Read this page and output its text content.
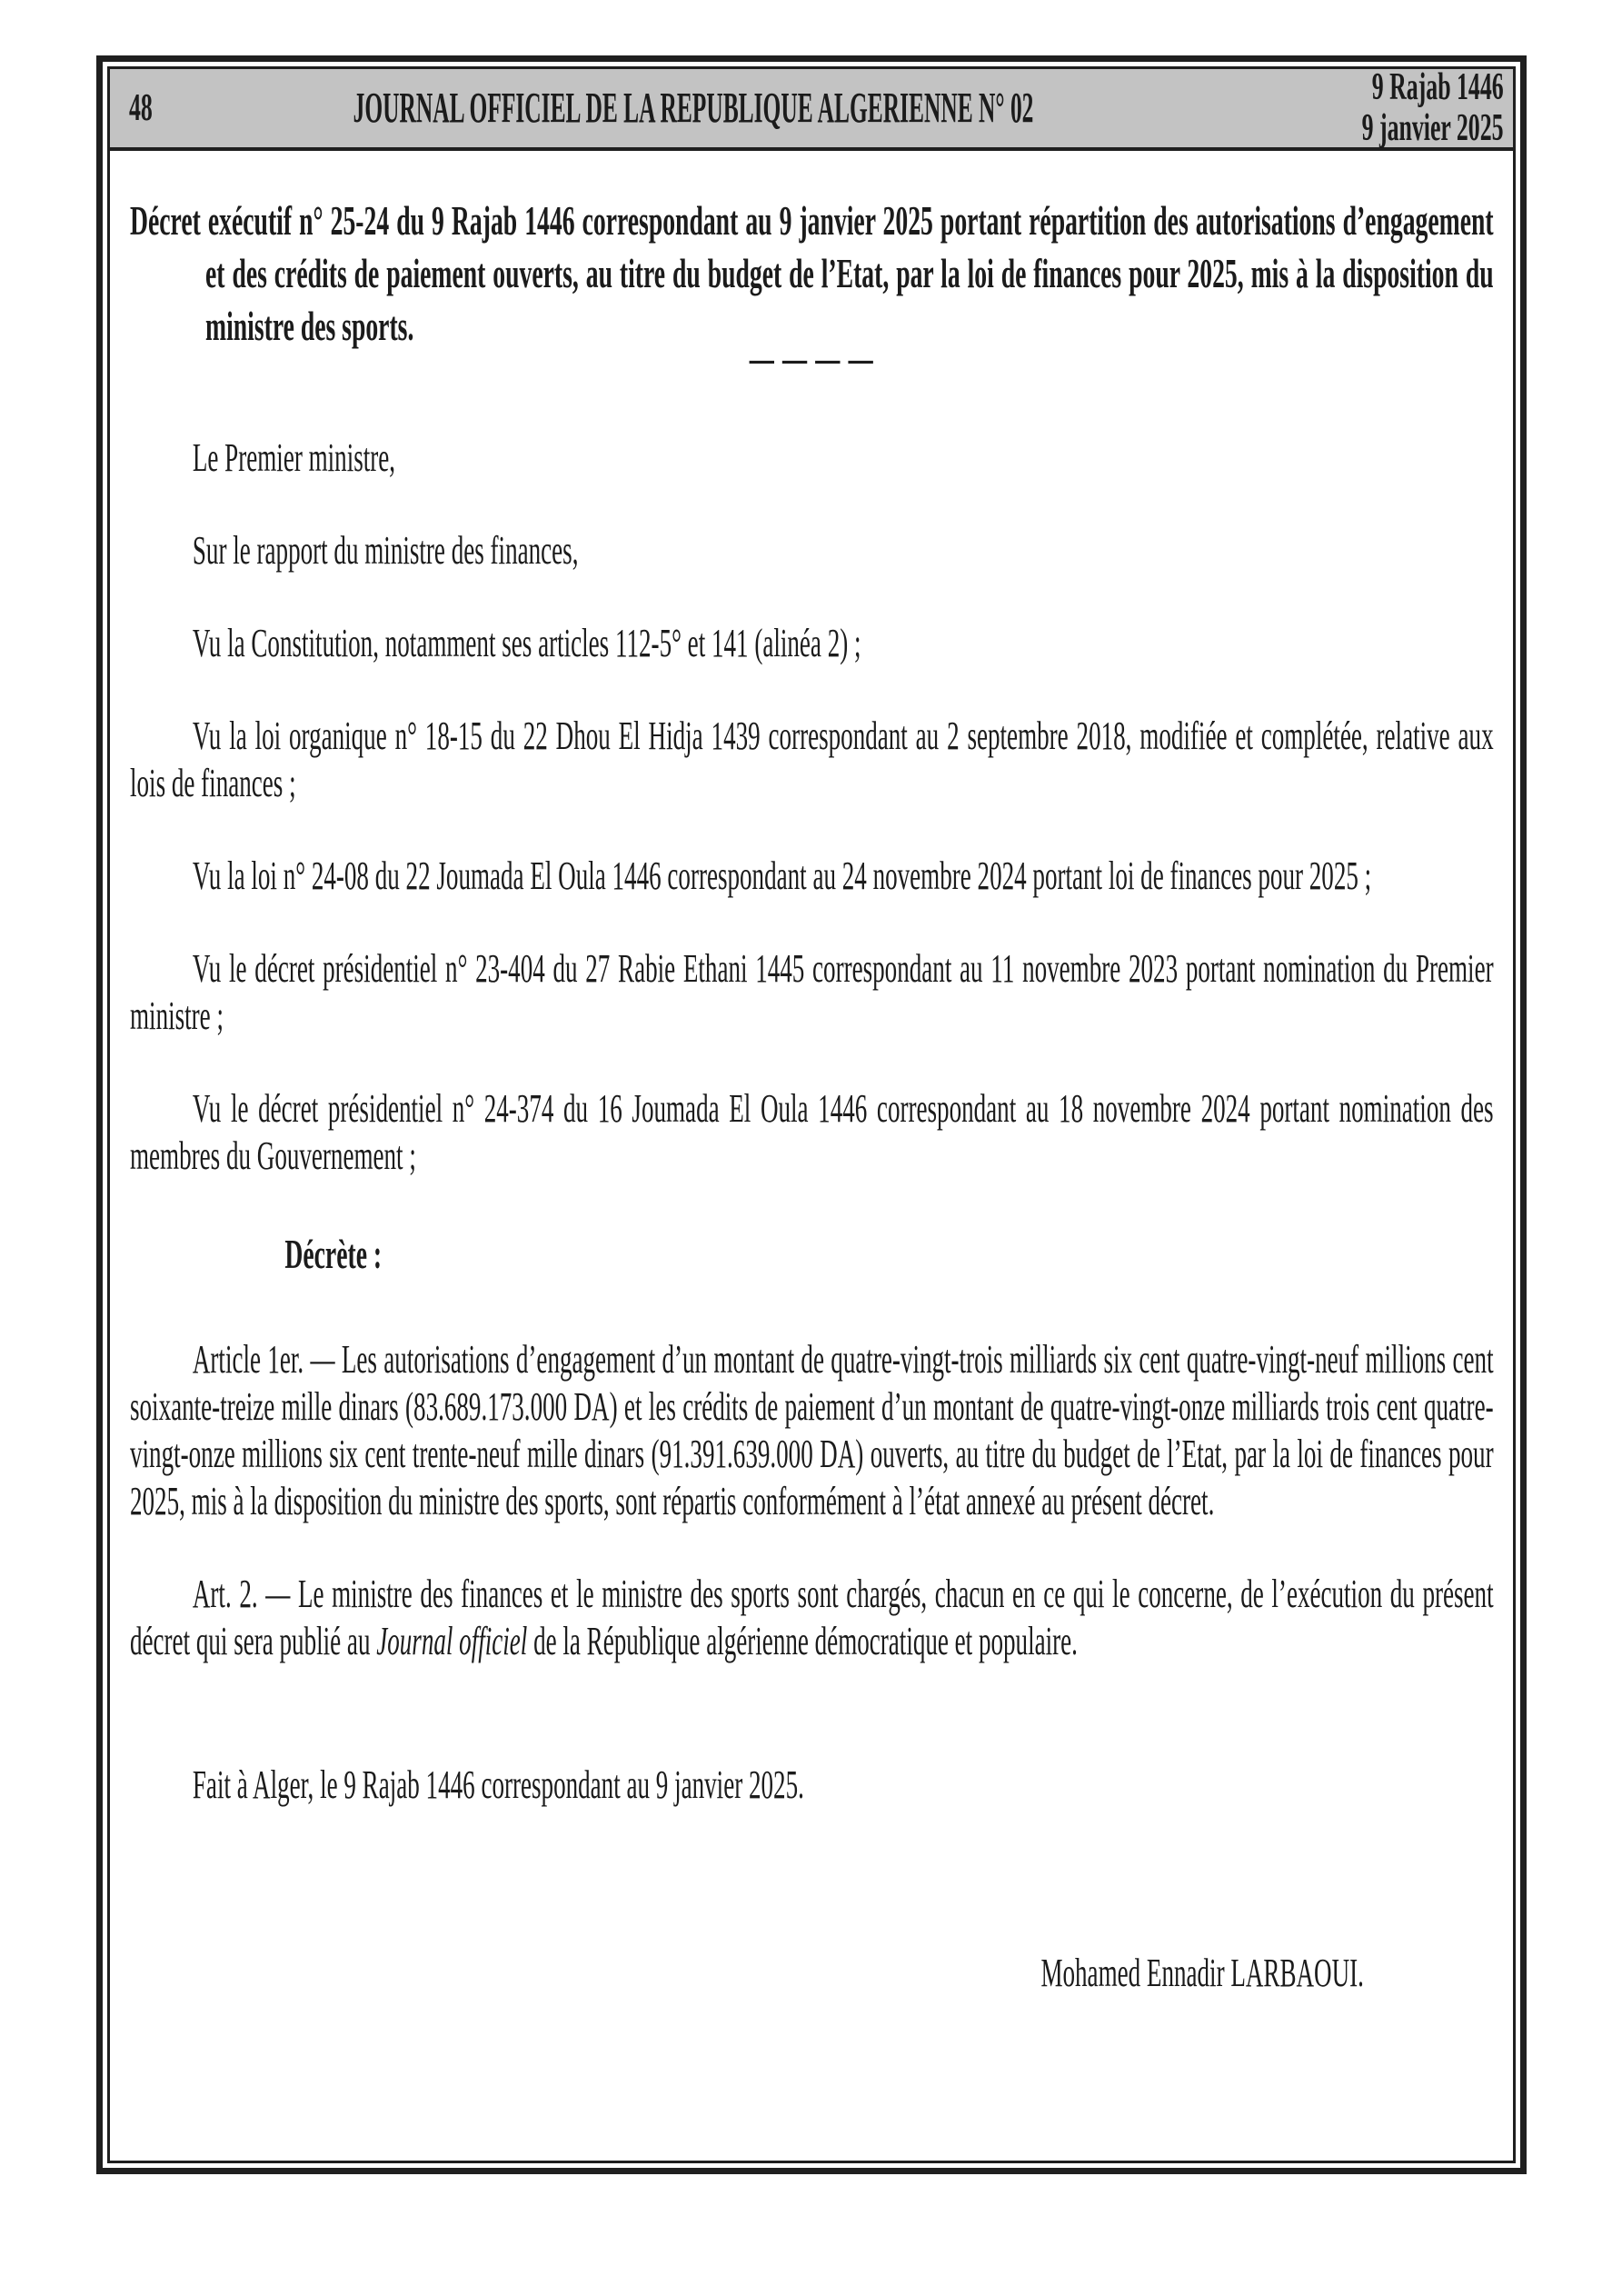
48	JOURNAL OFFICIEL DE LA REPUBLIQUE ALGERIENNE N° 02	9 Rajab 1446
9 janvier 2025

Décret exécutif n° 25-24 du 9 Rajab 1446 correspondant au 9 janvier 2025 portant répartition des autorisations d’engagement et des crédits de paiement ouverts, au titre du budget de l’Etat, par la loi de finances pour 2025, mis à la disposition du ministre des sports.

— — — —

Le Premier ministre,

Sur le rapport du ministre des finances,

Vu la Constitution, notamment ses articles 112-5° et 141 (alinéa 2) ;

Vu la loi organique n° 18-15 du 22 Dhou El Hidja 1439 correspondant au 2 septembre 2018, modifiée et complétée, relative aux lois de finances ;

Vu la loi n° 24-08 du 22 Joumada El Oula 1446 correspondant au 24 novembre 2024 portant loi de finances pour 2025 ;

Vu le décret présidentiel n° 23-404 du 27 Rabie Ethani 1445 correspondant au 11 novembre 2023 portant nomination du Premier ministre ;

Vu le décret présidentiel n° 24-374 du 16 Joumada El Oula 1446 correspondant au 18 novembre 2024 portant nomination des membres du Gouvernement ;

Décrète :

Article 1er. — Les autorisations d’engagement d’un montant de quatre-vingt-trois milliards six cent quatre-vingt-neuf millions cent soixante-treize mille dinars (83.689.173.000 DA) et les crédits de paiement d’un montant de quatre-vingt-onze milliards trois cent quatre-vingt-onze millions six cent trente-neuf mille dinars (91.391.639.000 DA) ouverts, au titre du budget de l’Etat, par la loi de finances pour 2025, mis à la disposition du ministre des sports, sont répartis conformément à l’état annexé au présent décret.

Art. 2. — Le ministre des finances et le ministre des sports sont chargés, chacun en ce qui le concerne, de l’exécution du présent décret qui sera publié au Journal officiel de la République algérienne démocratique et populaire.

Fait à Alger, le 9 Rajab 1446 correspondant au 9 janvier 2025.

Mohamed Ennadir LARBAOUI.
